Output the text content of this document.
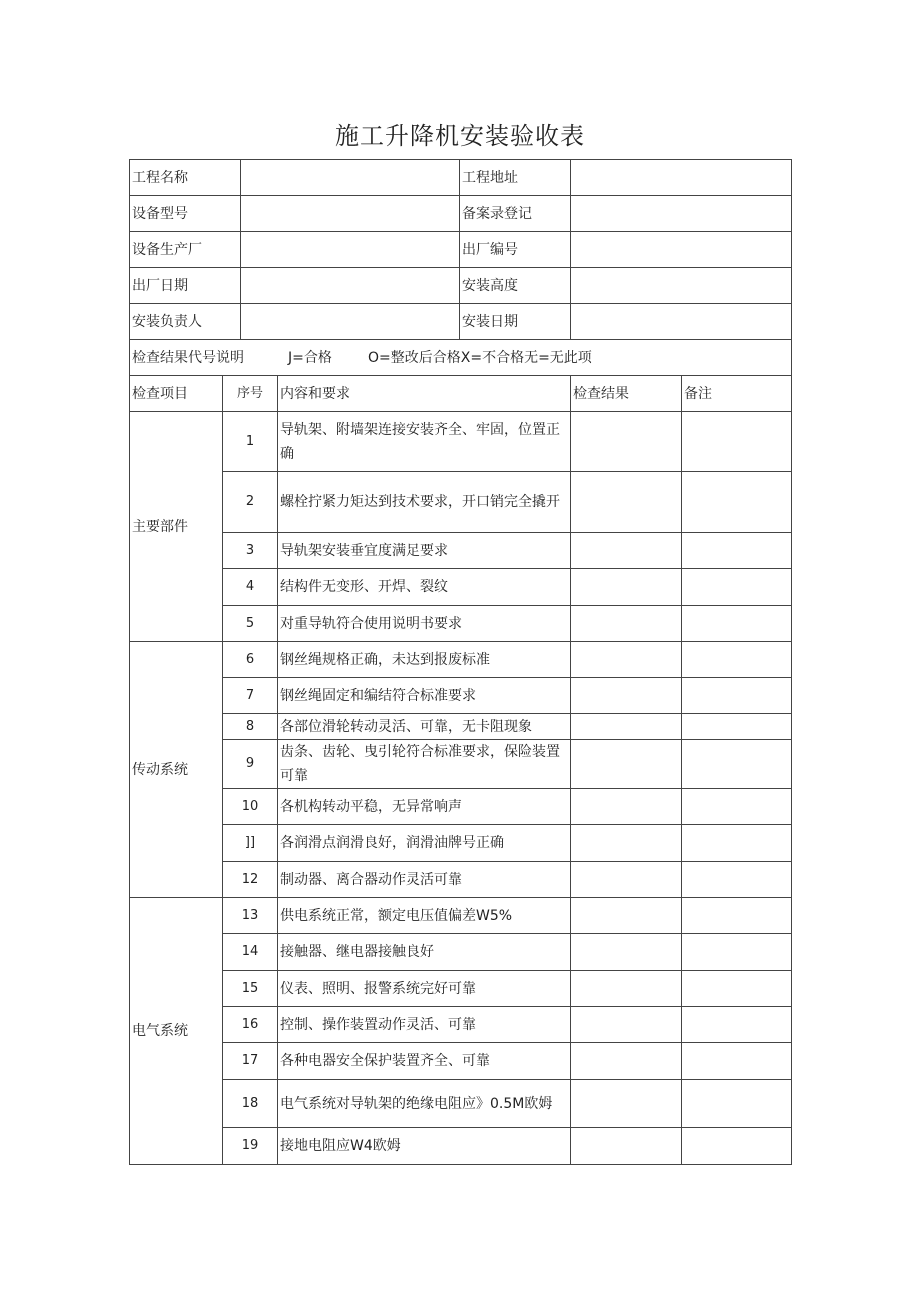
施工升降机安装验收表
工程名称				工程地址		
设备型号				备案录登记		
设备生产厂				出厂编号		
出厂日期				安装高度		
安装负责人				安装日期		
检查结果代号说明 J=合格 O=整改后合格X=不合格无=无此项						
检查项目	序号		内容和要求		检查结果	备注
主要部件	1		导轨架、附墙架连接安装齐全、牢固，位置正确			
	2		螺栓拧紧力矩达到技术要求，开口销完全撬开			
	3		导轨架安装垂宜度满足要求			
	4		结构件无变形、开焊、裂纹			
	5		对重导轨符合使用说明书要求			
传动系统	6		钢丝绳规格正确，未达到报废标准			
	7		钢丝绳固定和编结符合标准要求			
	8		各部位滑轮转动灵活、可靠，无卡阻现象			
	9		齿条、齿轮、曳引轮符合标准要求，保险装置可靠			
	10		各机构转动平稳，无异常响声			
	]]		各润滑点润滑良好，润滑油牌号正确			
	12		制动器、离合器动作灵活可靠			
电气系统	13		供电系统正常，额定电压值偏差W5%			
	14		接触器、继电器接触良好			
	15		仪表、照明、报警系统完好可靠			
	16		控制、操作装置动作灵活、可靠			
	17		各种电器安全保护装置齐全、可靠			
	18		电气系统对导轨架的绝缘电阻应》0.5M欧姆			
	19		接地电阻应W4欧姆			
